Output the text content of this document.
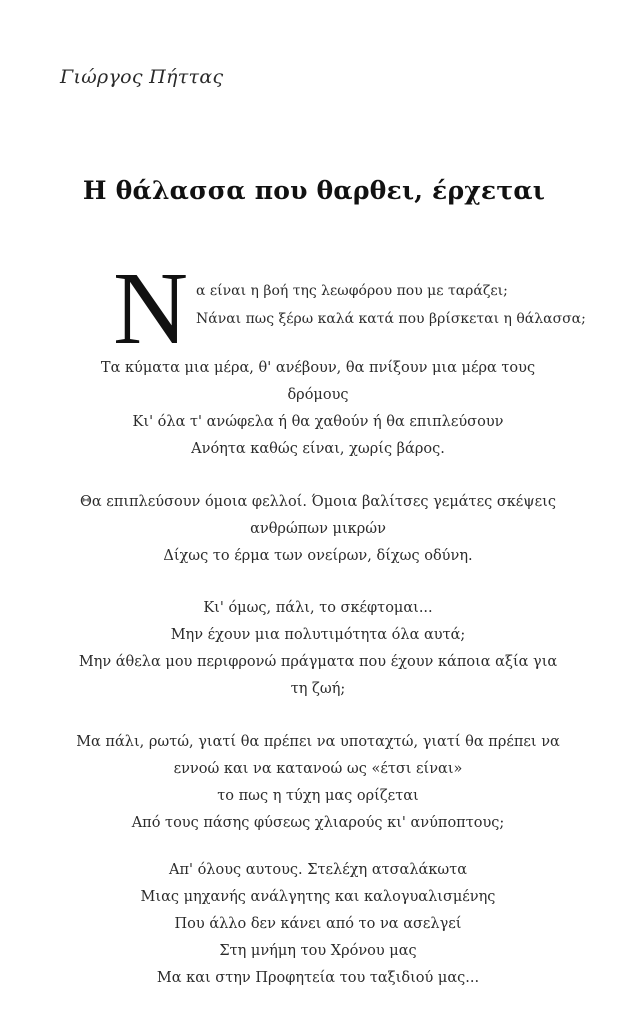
Γιώργος Πήττας
Η θάλασσα που θαρθει, έρχεται
N α είναι η βοή της λεωφόρου που με ταράζει;
Νάναι πως ξέρω καλά κατά που βρίσκεται η θάλασσα;
Τα κύματα μια μέρα, θ' ανέβουν, θα πνίξουν μια μέρα τους
δρόμους
Κι' όλα τ' ανώφελα ή θα χαθούν ή θα επιπλεύσουν
Ανόητα καθώς είναι, χωρίς βάρος.
Θα επιπλεύσουν όμοια φελλοί. Όμοια βαλίτσες γεμάτες σκέψεις
ανθρώπων μικρών
Δίχως το έρμα των ονείρων, δίχως οδύνη.
Κι' όμως, πάλι, το σκέφτομαι...
Μην έχουν μια πολυτιμότητα όλα αυτά;
Μην άθελα μου περιφρονώ πράγματα που έχουν κάποια αξία για
τη ζωή;
Μα πάλι, ρωτώ, γιατί θα πρέπει να υποταχτώ, γιατί θα πρέπει να
εννοώ και να κατανοώ ως «έτσι είναι»
το πως η τύχη μας ορίζεται
Από τους πάσης φύσεως χλιαρούς κι' ανύποπτους;
Απ' όλους αυτους. Στελέχη ατσαλάκωτα
Μιας μηχανής ανάλγητης και καλογυαλισμένης
Που άλλο δεν κάνει από το να ασελγεί
Στη μνήμη του Χρόνου μας
Μα και στην Προφητεία του ταξιδιού μας...
